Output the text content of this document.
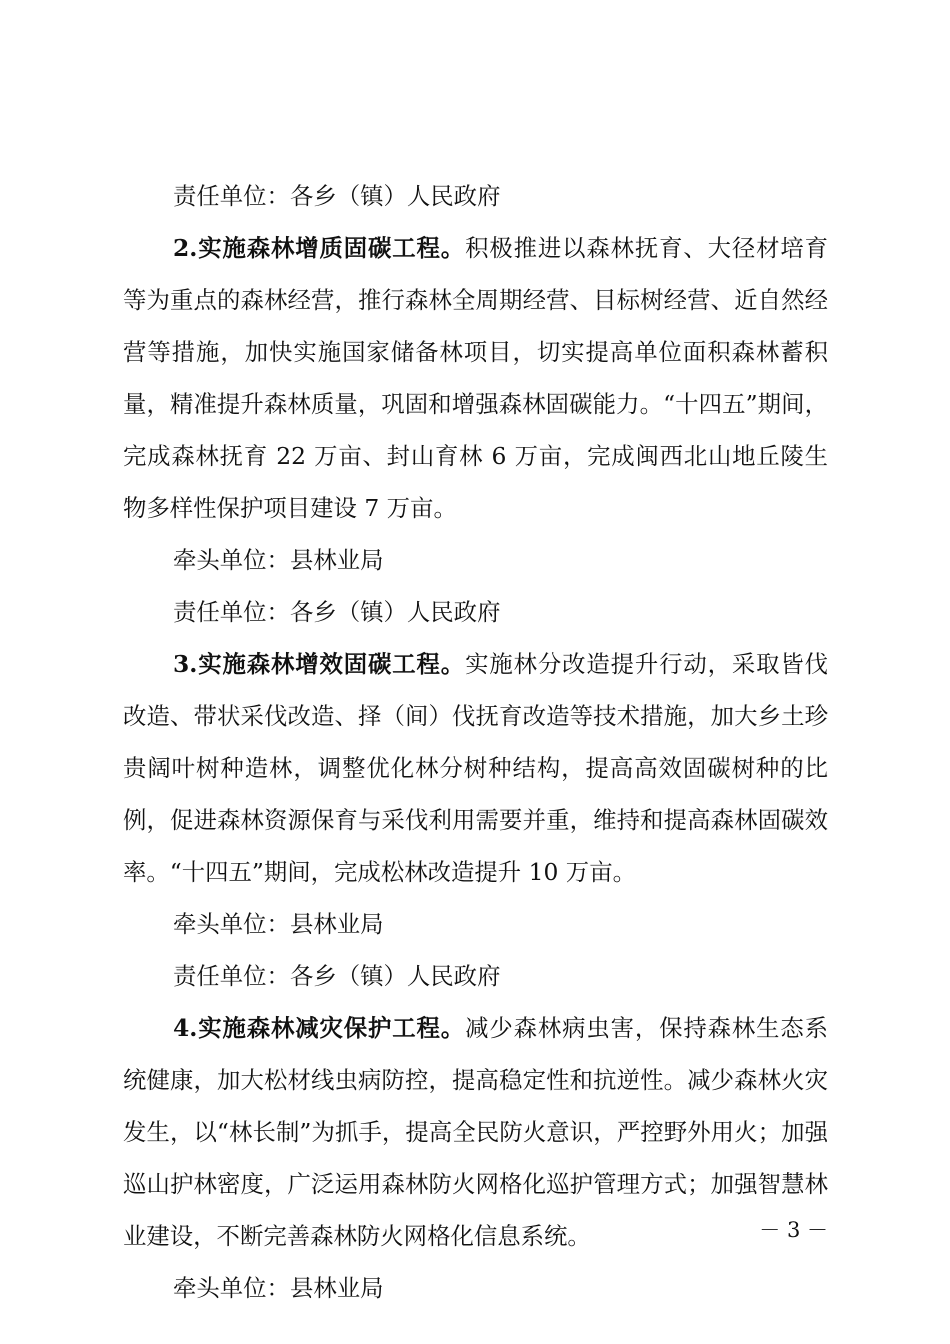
责任单位：各乡（镇）人民政府

2.实施森林增质固碳工程。积极推进以森林抚育、大径材培育等为重点的森林经营，推行森林全周期经营、目标树经营、近自然经营等措施，加快实施国家储备林项目，切实提高单位面积森林蓄积量，精准提升森林质量，巩固和增强森林固碳能力。“十四五”期间，完成森林抚育 22 万亩、封山育林 6 万亩，完成闽西北山地丘陵生物多样性保护项目建设 7 万亩。

牵头单位：县林业局

责任单位：各乡（镇）人民政府

3.实施森林增效固碳工程。实施林分改造提升行动，采取皆伐改造、带状采伐改造、择（间）伐抚育改造等技术措施，加大乡土珍贵阔叶树种造林，调整优化林分树种结构，提高高效固碳树种的比例，促进森林资源保育与采伐利用需要并重，维持和提高森林固碳效率。“十四五”期间，完成松林改造提升 10 万亩。

牵头单位：县林业局

责任单位：各乡（镇）人民政府

4.实施森林减灾保护工程。减少森林病虫害，保持森林生态系统健康，加大松材线虫病防控，提高稳定性和抗逆性。减少森林火灾发生，以“林长制”为抓手，提高全民防火意识，严控野外用火；加强巡山护林密度，广泛运用森林防火网格化巡护管理方式；加强智慧林业建设，不断完善森林防火网格化信息系统。

牵头单位：县林业局

－ 3 －
